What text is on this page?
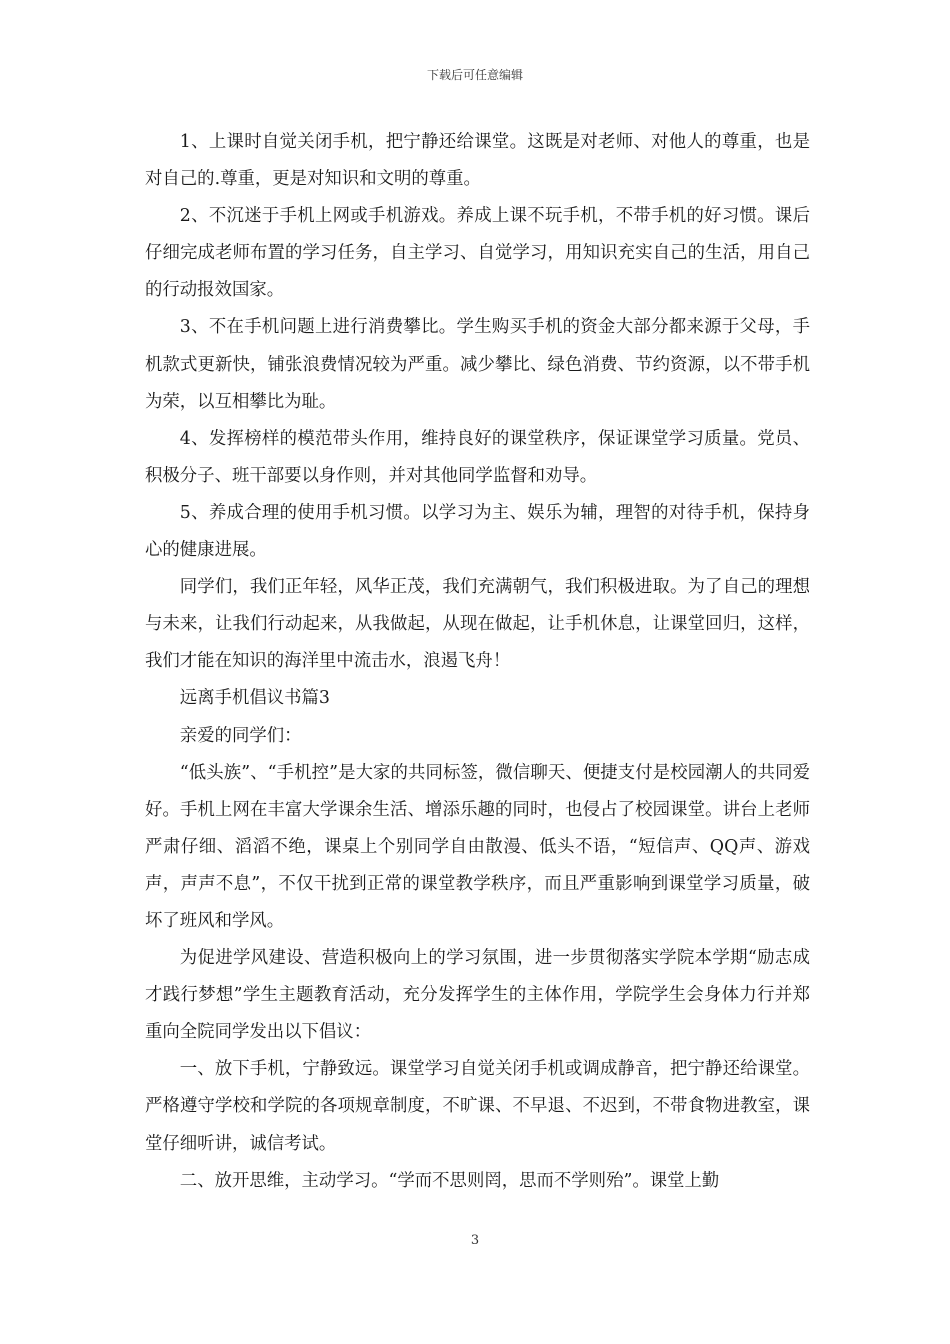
下载后可任意编辑

1、上课时自觉关闭手机，把宁静还给课堂。这既是对老师、对他人的尊重，也是对自己的.尊重，更是对知识和文明的尊重。

2、不沉迷于手机上网或手机游戏。养成上课不玩手机，不带手机的好习惯。课后仔细完成老师布置的学习任务，自主学习、自觉学习，用知识充实自己的生活，用自己的行动报效国家。

3、不在手机问题上进行消费攀比。学生购买手机的资金大部分都来源于父母，手机款式更新快，铺张浪费情况较为严重。减少攀比、绿色消费、节约资源，以不带手机为荣，以互相攀比为耻。

4、发挥榜样的模范带头作用，维持良好的课堂秩序，保证课堂学习质量。党员、积极分子、班干部要以身作则，并对其他同学监督和劝导。

5、养成合理的使用手机习惯。以学习为主、娱乐为辅，理智的对待手机，保持身心的健康进展。

同学们，我们正年轻，风华正茂，我们充满朝气，我们积极进取。为了自己的理想与未来，让我们行动起来，从我做起，从现在做起，让手机休息，让课堂回归，这样，我们才能在知识的海洋里中流击水，浪遏飞舟！

远离手机倡议书篇3

亲爱的同学们：

“低头族”、“手机控”是大家的共同标签，微信聊天、便捷支付是校园潮人的共同爱好。手机上网在丰富大学课余生活、增添乐趣的同时，也侵占了校园课堂。讲台上老师严肃仔细、滔滔不绝，课桌上个别同学自由散漫、低头不语，“短信声、QQ声、游戏声，声声不息”，不仅干扰到正常的课堂教学秩序，而且严重影响到课堂学习质量，破坏了班风和学风。

为促进学风建设、营造积极向上的学习氛围，进一步贯彻落实学院本学期“励志成才践行梦想”学生主题教育活动，充分发挥学生的主体作用，学院学生会身体力行并郑重向全院同学发出以下倡议：

一、放下手机，宁静致远。课堂学习自觉关闭手机或调成静音，把宁静还给课堂。严格遵守学校和学院的各项规章制度，不旷课、不早退、不迟到，不带食物进教室，课堂仔细听讲，诚信考试。

二、放开思维，主动学习。“学而不思则罔，思而不学则殆”。课堂上勤

3
